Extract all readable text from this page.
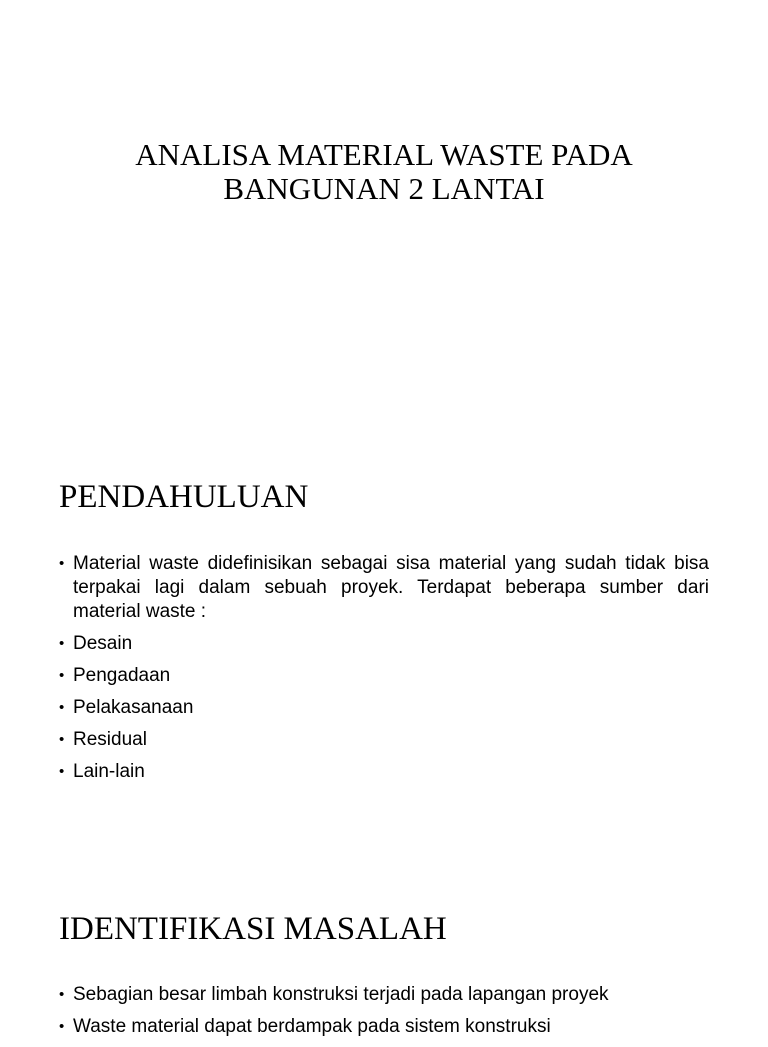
ANALISA MATERIAL WASTE PADA
BANGUNAN 2 LANTAI
PENDAHULUAN
• Material waste didefinisikan sebagai sisa material yang sudah tidak bisa terpakai lagi dalam sebuah proyek. Terdapat beberapa sumber dari material waste :
• Desain
• Pengadaan
• Pelakasanaan
• Residual
• Lain-lain
IDENTIFIKASI MASALAH
• Sebagian besar limbah konstruksi terjadi pada lapangan proyek
• Waste material dapat berdampak pada sistem konstruksi
